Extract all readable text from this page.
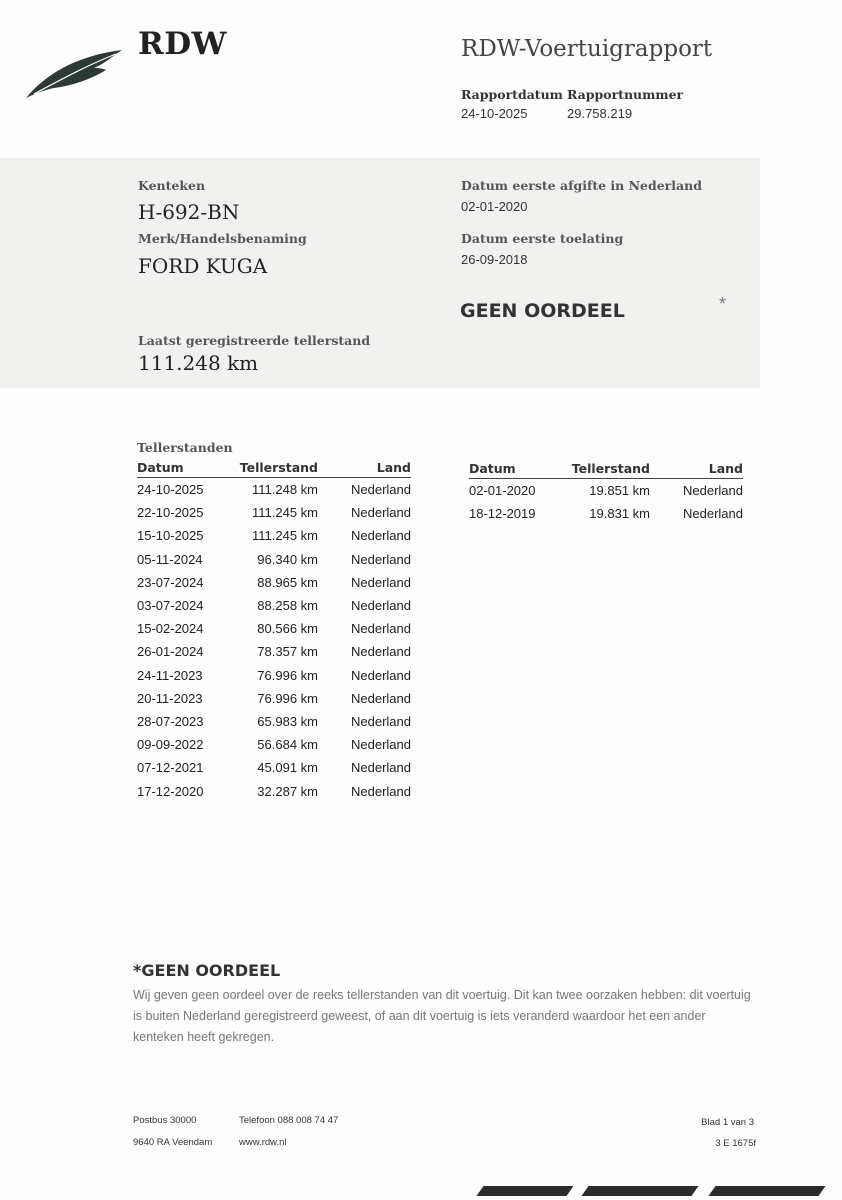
RDW	RDW-Voertuigrapport
Rapportdatum
24-10-2025
Rapportnummer
29.758.219
Kenteken
H-692-BN
Merk/Handelsbenaming
FORD KUGA
Datum eerste afgifte in Nederland
02-01-2020
Datum eerste toelating
26-09-2018
GEEN OORDEEL	*
Laatst geregistreerde tellerstand
111.248 km
Tellerstanden
Datum	Tellerstand	Land
24-10-2025	111.248 km	Nederland
22-10-2025	111.245 km	Nederland
15-10-2025	111.245 km	Nederland
05-11-2024	96.340 km	Nederland
23-07-2024	88.965 km	Nederland
03-07-2024	88.258 km	Nederland
15-02-2024	80.566 km	Nederland
26-01-2024	78.357 km	Nederland
24-11-2023	76.996 km	Nederland
20-11-2023	76.996 km	Nederland
28-07-2023	65.983 km	Nederland
09-09-2022	56.684 km	Nederland
07-12-2021	45.091 km	Nederland
17-12-2020	32.287 km	Nederland
Datum	Tellerstand	Land
02-01-2020	19.851 km	Nederland
18-12-2019	19.831 km	Nederland
*GEEN OORDEEL
Wij geven geen oordeel over de reeks tellerstanden van dit voertuig. Dit kan twee oorzaken hebben: dit voertuig is buiten Nederland geregistreerd geweest, of aan dit voertuig is iets veranderd waardoor het een ander kenteken heeft gekregen.
Postbus 30000
9640 RA Veendam
Telefoon 088 008 74 47
www.rdw.nl
Blad 1 van 3
3 E 1675f
